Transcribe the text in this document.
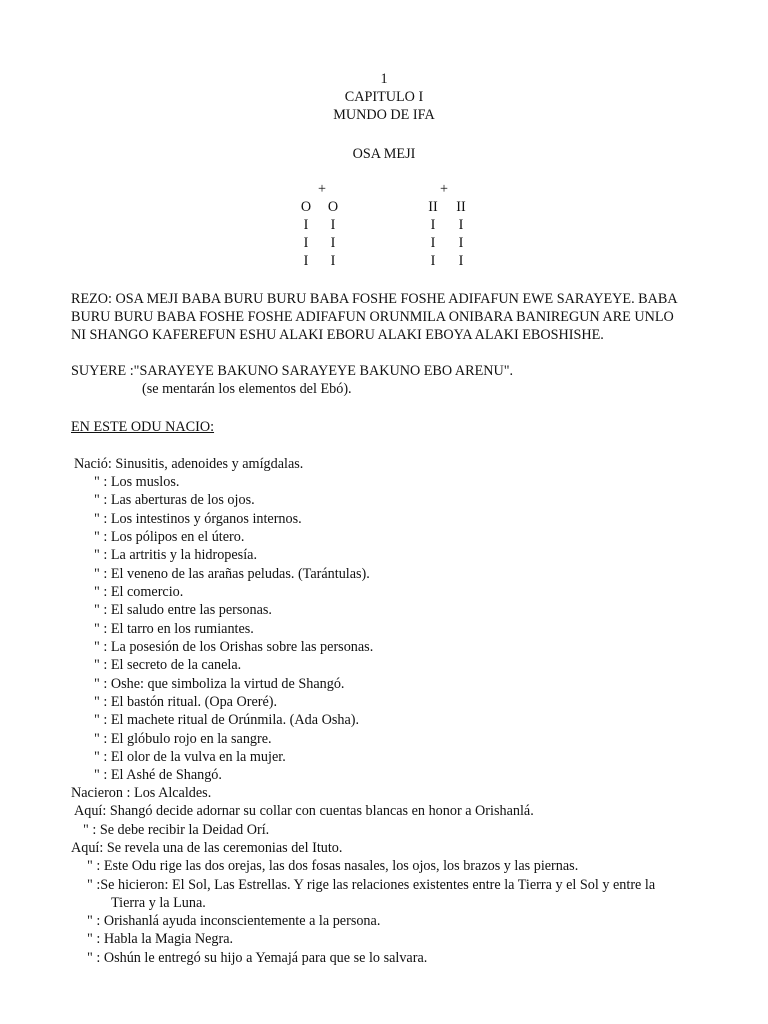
1
CAPITULO I
MUNDO DE IFA
OSA MEJI
+
O	O
I	I
I	I
I	I
+
II	II
I	I
I	I
I	I
REZO: OSA MEJI BABA BURU BURU BABA FOSHE FOSHE ADIFAFUN EWE SARAYEYE. BABA
BURU BURU BABA FOSHE FOSHE ADIFAFUN ORUNMILA ONIBARA BANIREGUN ARE UNLO
NI SHANGO KAFEREFUN ESHU ALAKI EBORU ALAKI EBOYA ALAKI EBOSHISHE.
SUYERE :"SARAYEYE BAKUNO SARAYEYE BAKUNO EBO ARENU".
(se mentarán los elementos del Ebó).
EN ESTE ODU NACIO:
Nació: Sinusitis, adenoides y amígdalas.
" : Los muslos.
" : Las aberturas de los ojos.
" : Los intestinos y órganos internos.
" : Los pólipos en el útero.
" : La artritis y la hidropesía.
" : El veneno de las arañas peludas. (Tarántulas).
" : El comercio.
" : El saludo entre las personas.
" : El tarro en los rumiantes.
" : La posesión de los Orishas sobre las personas.
" : El secreto de la canela.
" : Oshe: que simboliza la virtud de Shangó.
" : El bastón ritual. (Opa Oreré).
" : El machete ritual de Orúnmila. (Ada Osha).
" : El glóbulo rojo en la sangre.
" : El olor de la vulva en la mujer.
" : El Ashé de Shangó.
Nacieron : Los Alcaldes.
Aquí: Shangó decide adornar su collar con cuentas blancas en honor a Orishanlá.
" : Se debe recibir la Deidad Orí.
Aquí: Se revela una de las ceremonias del Ituto.
" : Este Odu rige las dos orejas, las dos fosas nasales, los ojos, los brazos y las piernas.
" :Se hicieron: El Sol, Las Estrellas. Y rige las relaciones existentes entre la Tierra y el Sol y entre la
Tierra y la Luna.
" : Orishanlá ayuda inconscientemente a la persona.
" : Habla la Magia Negra.
" : Oshún le entregó su hijo a Yemajá para que se lo salvara.
